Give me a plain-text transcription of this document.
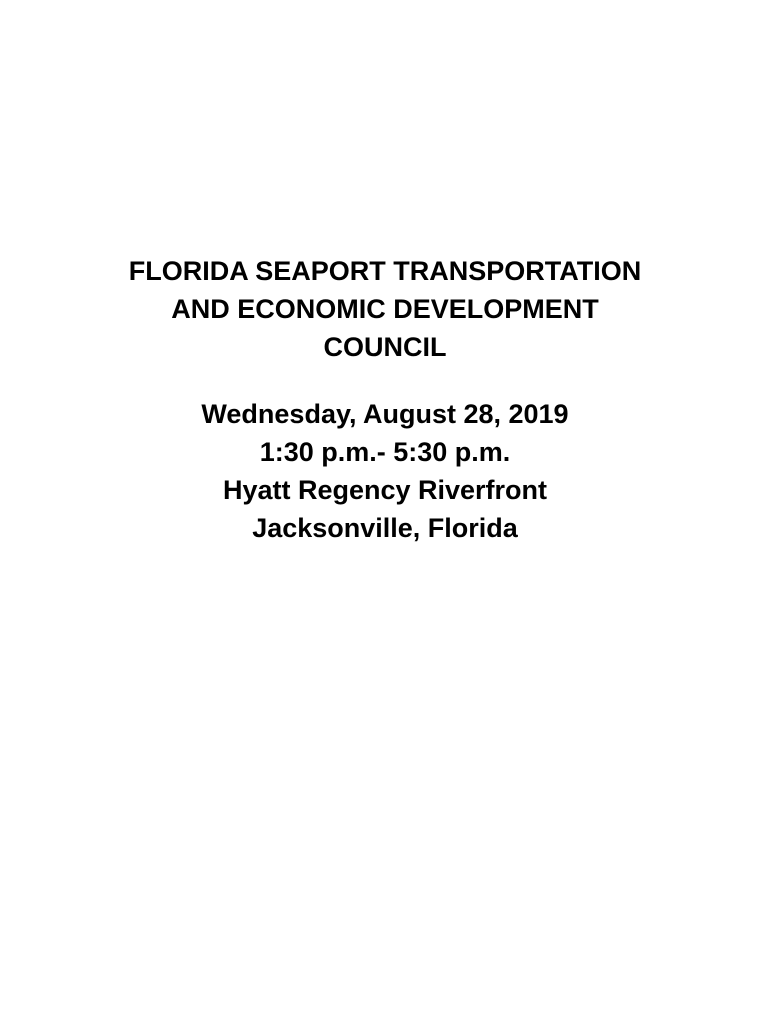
FLORIDA SEAPORT TRANSPORTATION
AND ECONOMIC DEVELOPMENT
COUNCIL
Wednesday, August 28, 2019
1:30 p.m.- 5:30 p.m.
Hyatt Regency Riverfront
Jacksonville, Florida
